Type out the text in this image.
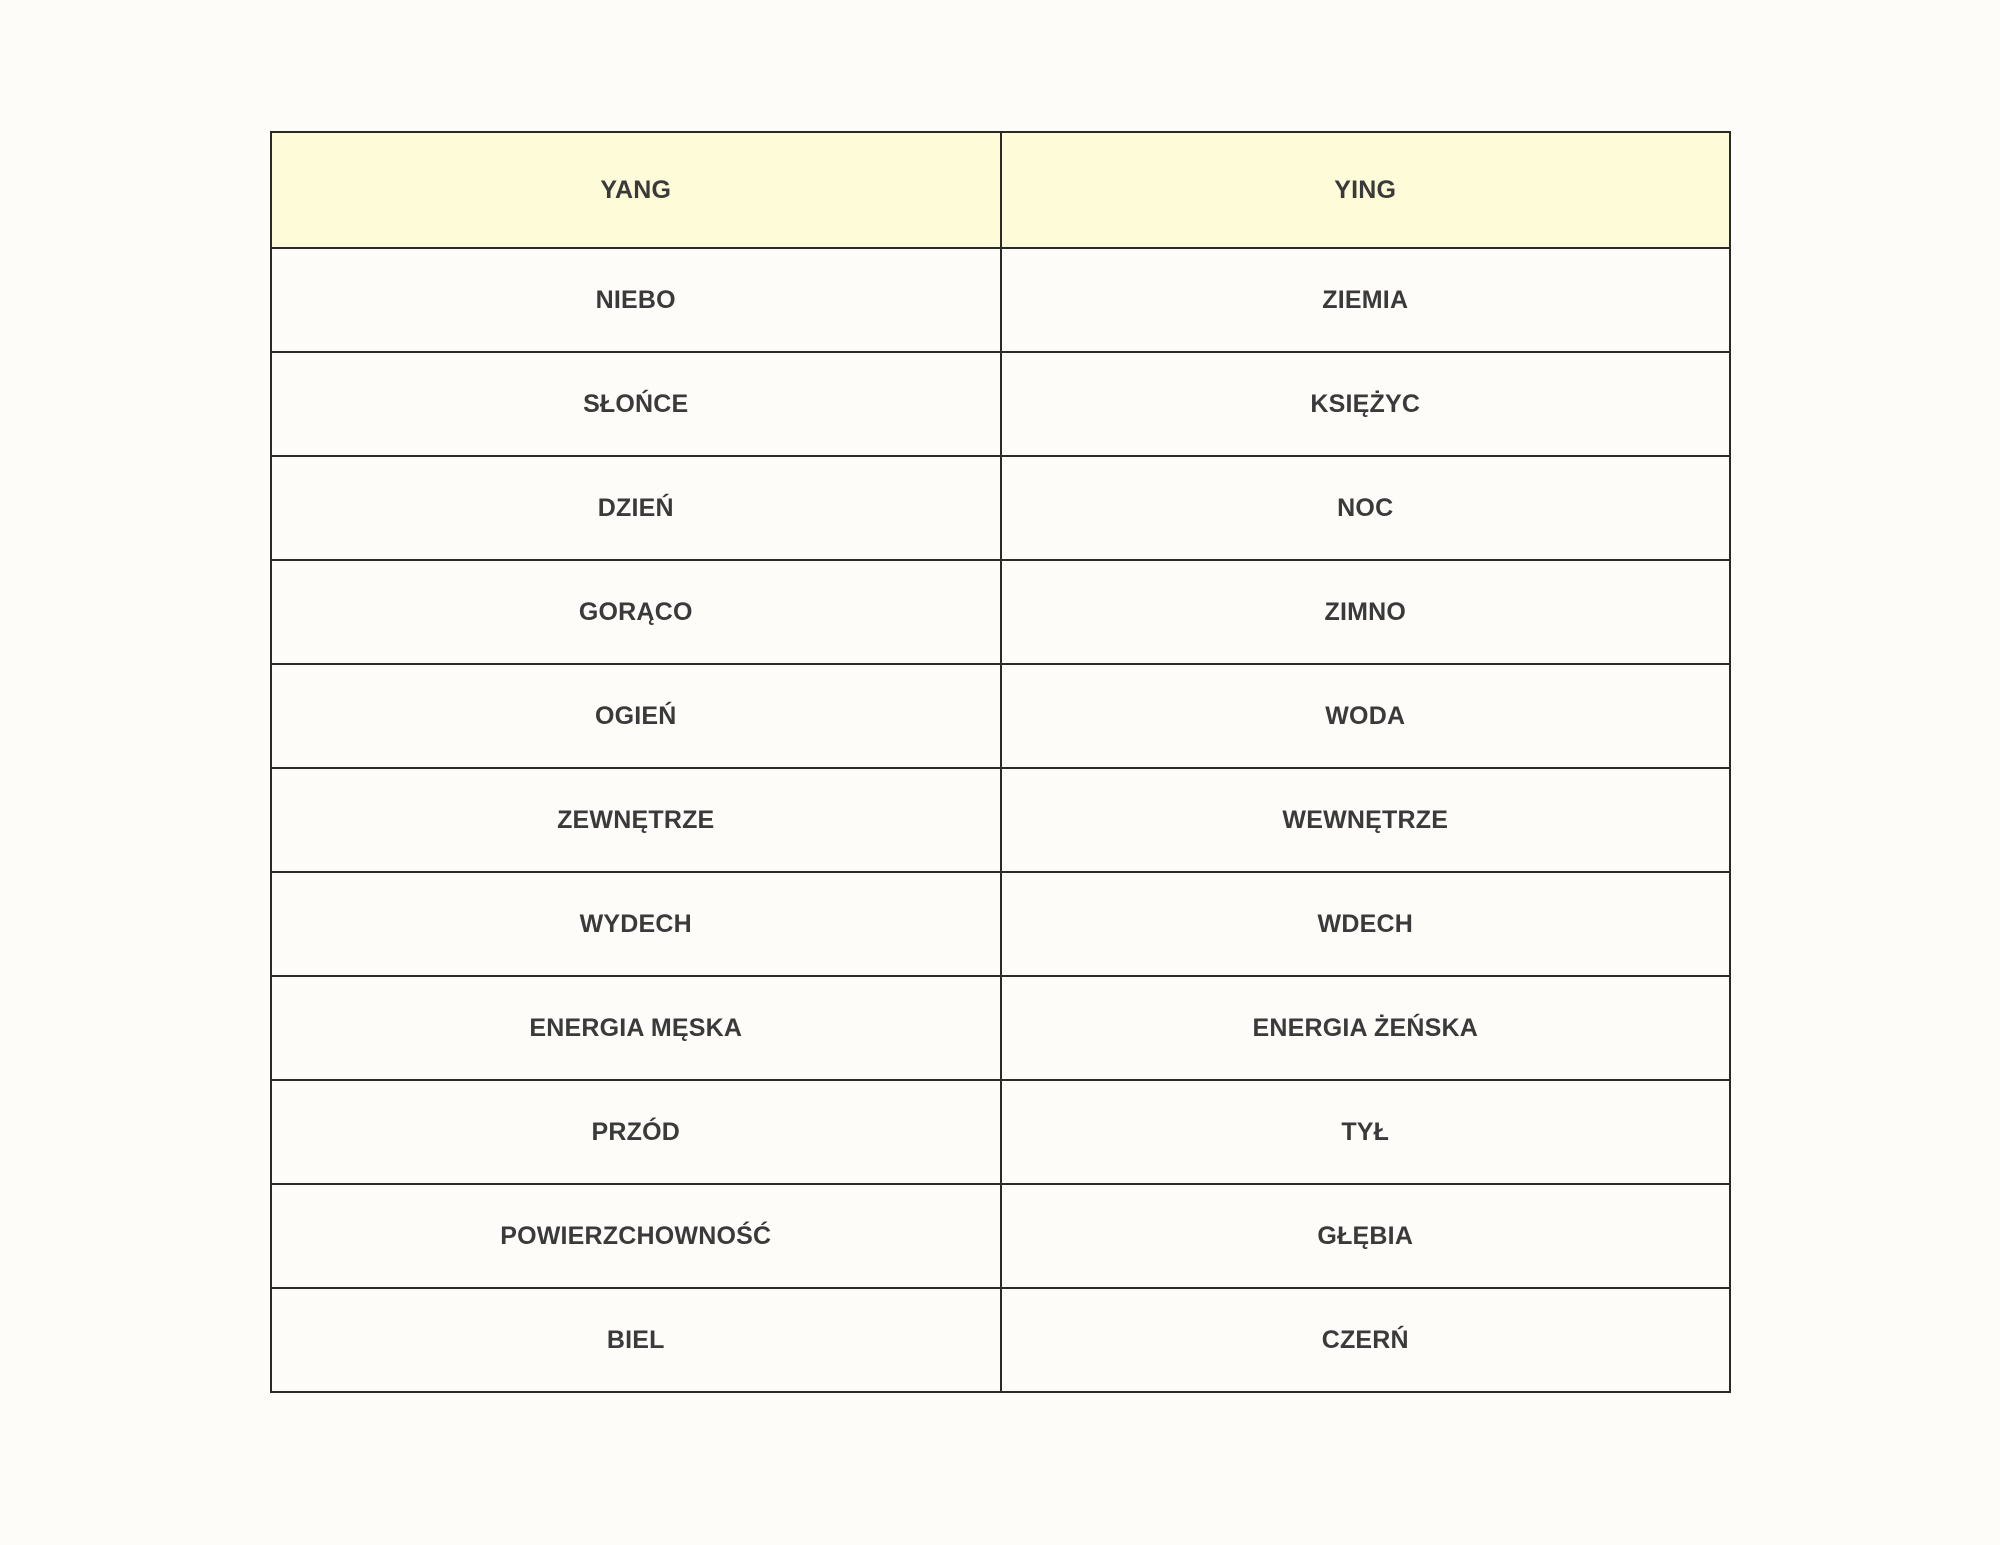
YANG	YING
NIEBO	ZIEMIA
SŁOŃCE	KSIĘŻYC
DZIEŃ	NOC
GORĄCO	ZIMNO
OGIEŃ	WODA
ZEWNĘTRZE	WEWNĘTRZE
WYDECH	WDECH
ENERGIA MĘSKA	ENERGIA ŻEŃSKA
PRZÓD	TYŁ
POWIERZCHOWNOŚĆ	GŁĘBIA
BIEL	CZERŃ
